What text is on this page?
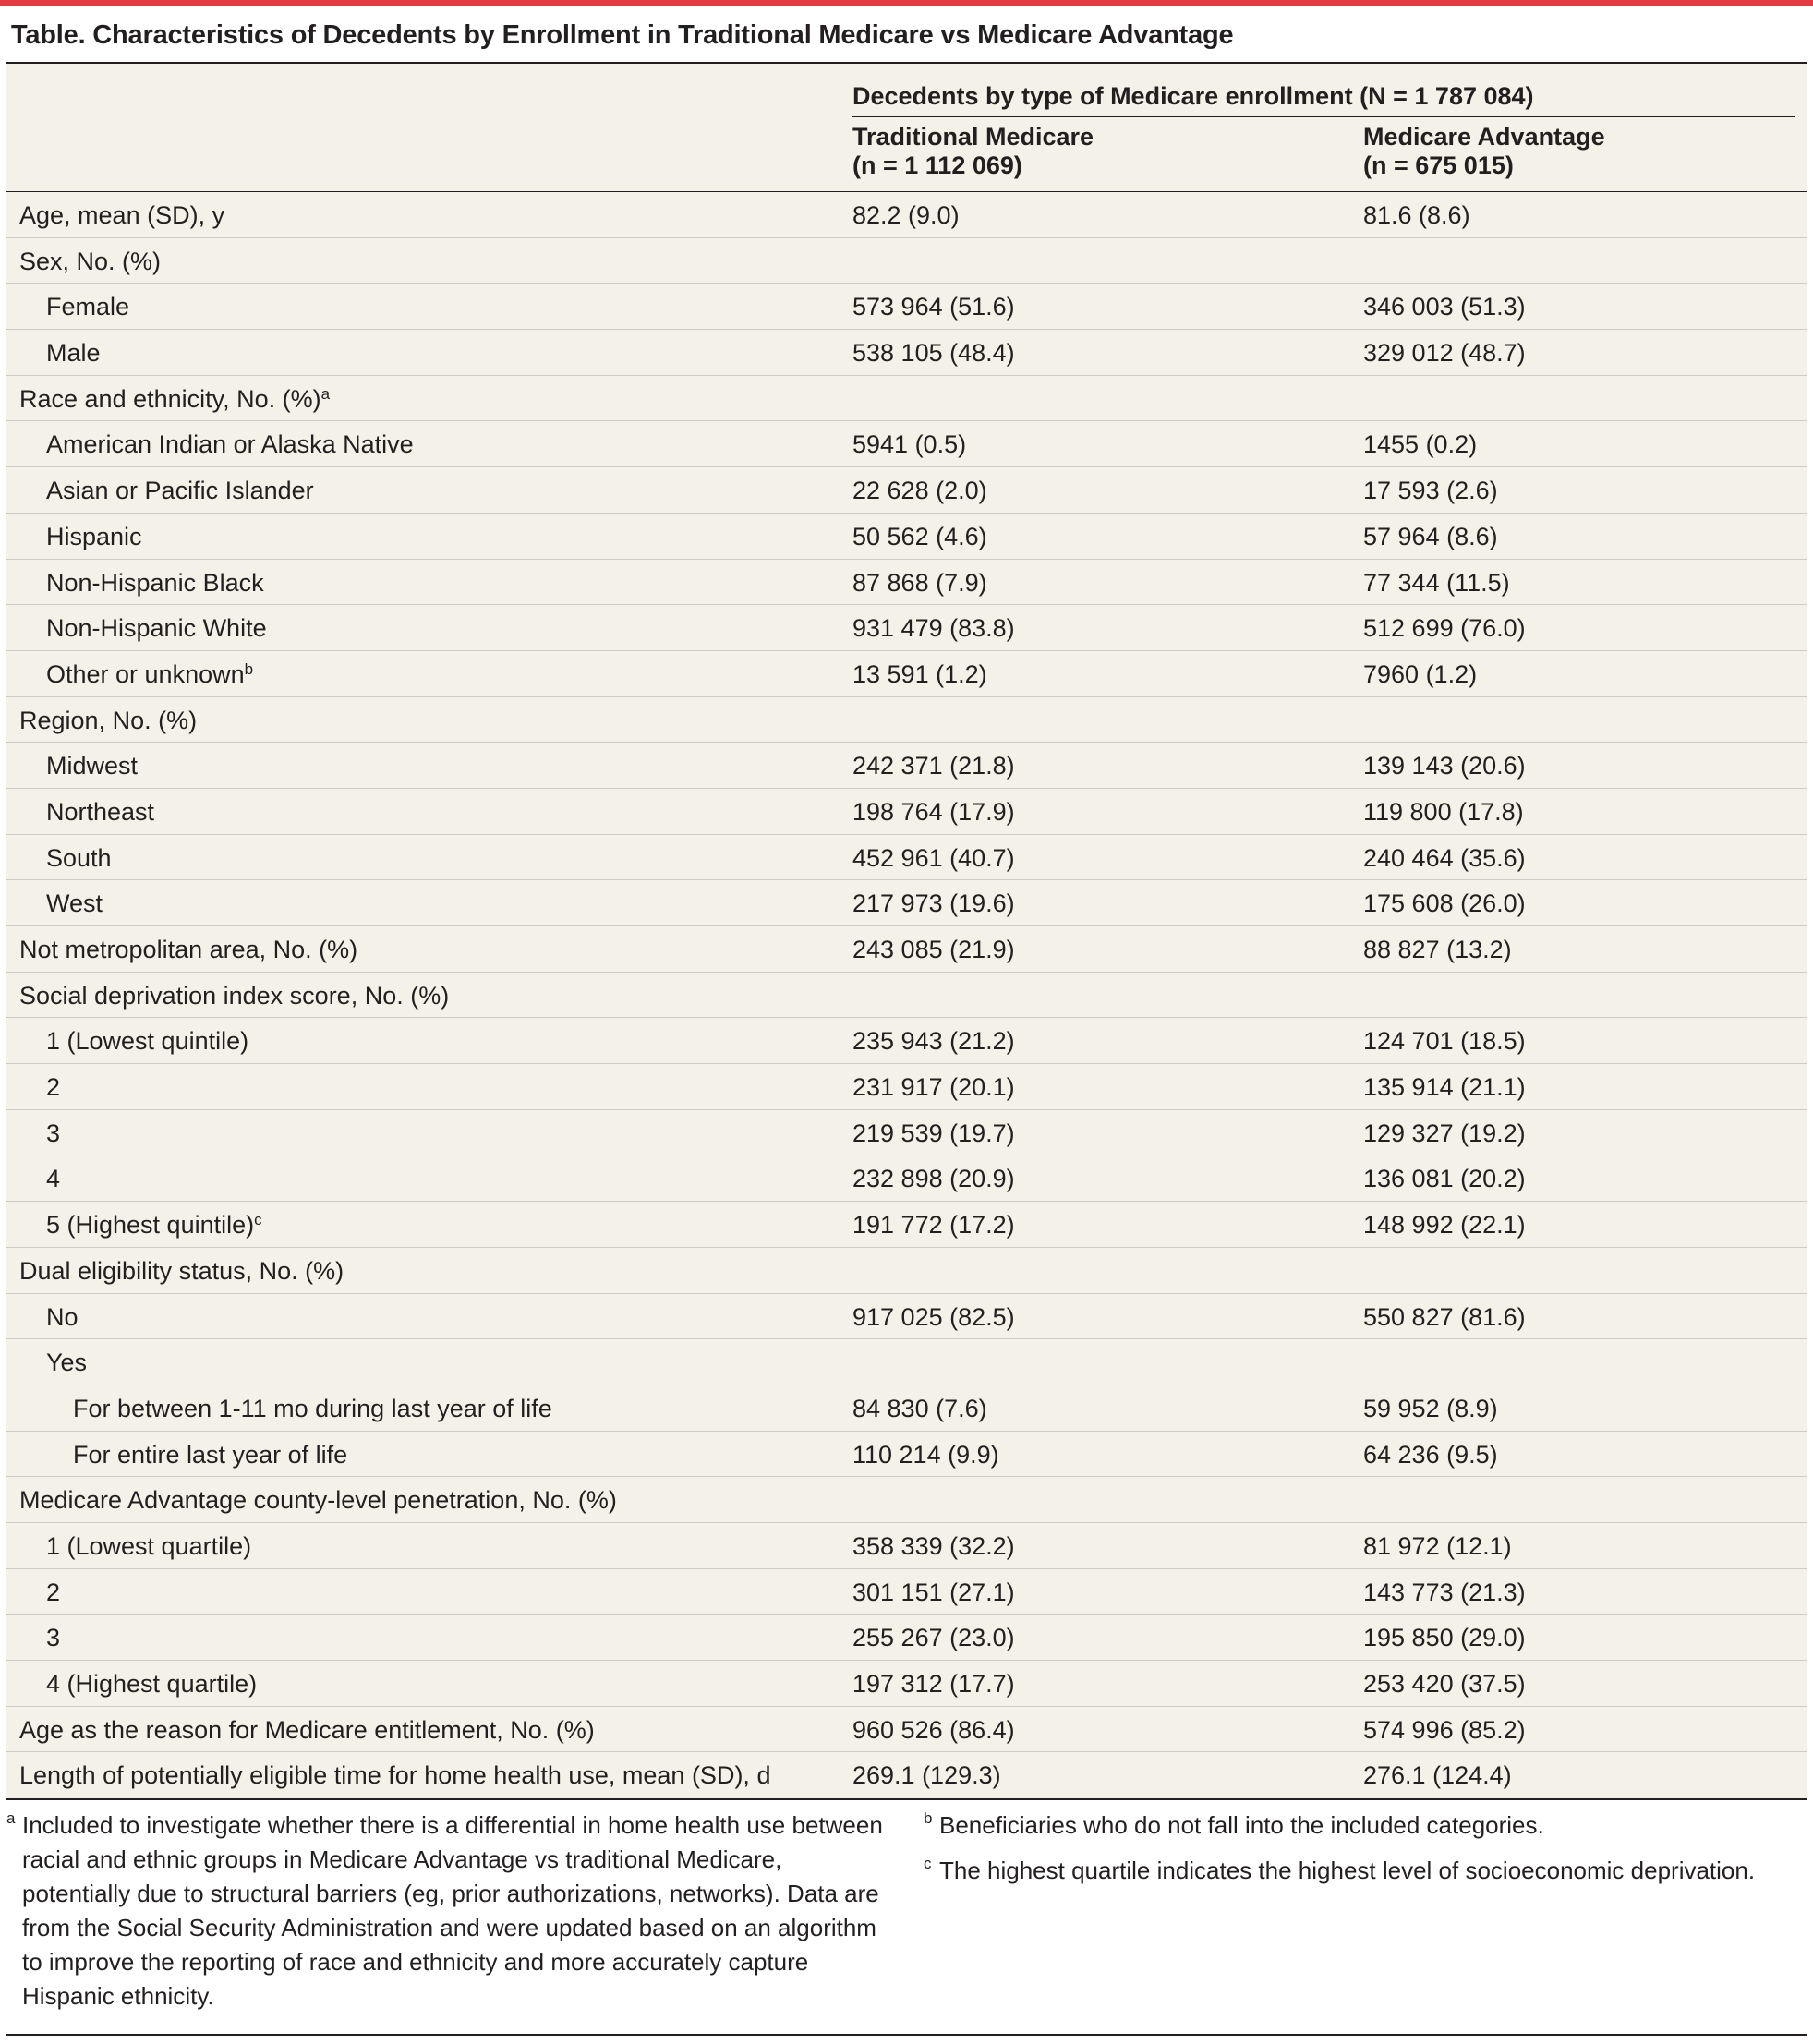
Table. Characteristics of Decedents by Enrollment in Traditional Medicare vs Medicare Advantage
Decedents by type of Medicare enrollment (N = 1 787 084)
Traditional Medicare
(n = 1 112 069)
Medicare Advantage
(n = 675 015)
Age, mean (SD), y	82.2 (9.0)	81.6 (8.6)
Sex, No. (%)
Female	573 964 (51.6)	346 003 (51.3)
Male	538 105 (48.4)	329 012 (48.7)
Race and ethnicity, No. (%)$^a$
American Indian or Alaska Native	5941 (0.5)	1455 (0.2)
Asian or Pacific Islander	22 628 (2.0)	17 593 (2.6)
Hispanic	50 562 (4.6)	57 964 (8.6)
Non-Hispanic Black	87 868 (7.9)	77 344 (11.5)
Non-Hispanic White	931 479 (83.8)	512 699 (76.0)
Other or unknown$^b$	13 591 (1.2)	7960 (1.2)
Region, No. (%)
Midwest	242 371 (21.8)	139 143 (20.6)
Northeast	198 764 (17.9)	119 800 (17.8)
South	452 961 (40.7)	240 464 (35.6)
West	217 973 (19.6)	175 608 (26.0)
Not metropolitan area, No. (%)	243 085 (21.9)	88 827 (13.2)
Social deprivation index score, No. (%)
1 (Lowest quintile)	235 943 (21.2)	124 701 (18.5)
2	231 917 (20.1)	135 914 (21.1)
3	219 539 (19.7)	129 327 (19.2)
4	232 898 (20.9)	136 081 (20.2)
5 (Highest quintile)$^c$	191 772 (17.2)	148 992 (22.1)
Dual eligibility status, No. (%)
No	917 025 (82.5)	550 827 (81.6)
Yes
For between 1-11 mo during last year of life	84 830 (7.6)	59 952 (8.9)
For entire last year of life	110 214 (9.9)	64 236 (9.5)
Medicare Advantage county-level penetration, No. (%)
1 (Lowest quartile)	358 339 (32.2)	81 972 (12.1)
2	301 151 (27.1)	143 773 (21.3)
3	255 267 (23.0)	195 850 (29.0)
4 (Highest quartile)	197 312 (17.7)	253 420 (37.5)
Age as the reason for Medicare entitlement, No. (%)	960 526 (86.4)	574 996 (85.2)
Length of potentially eligible time for home health use, mean (SD), d	269.1 (129.3)	276.1 (124.4)
a Included to investigate whether there is a differential in home health use between racial and ethnic groups in Medicare Advantage vs traditional Medicare, potentially due to structural barriers (eg, prior authorizations, networks). Data are from the Social Security Administration and were updated based on an algorithm to improve the reporting of race and ethnicity and more accurately capture Hispanic ethnicity.
b Beneficiaries who do not fall into the included categories.
c The highest quartile indicates the highest level of socioeconomic deprivation.
